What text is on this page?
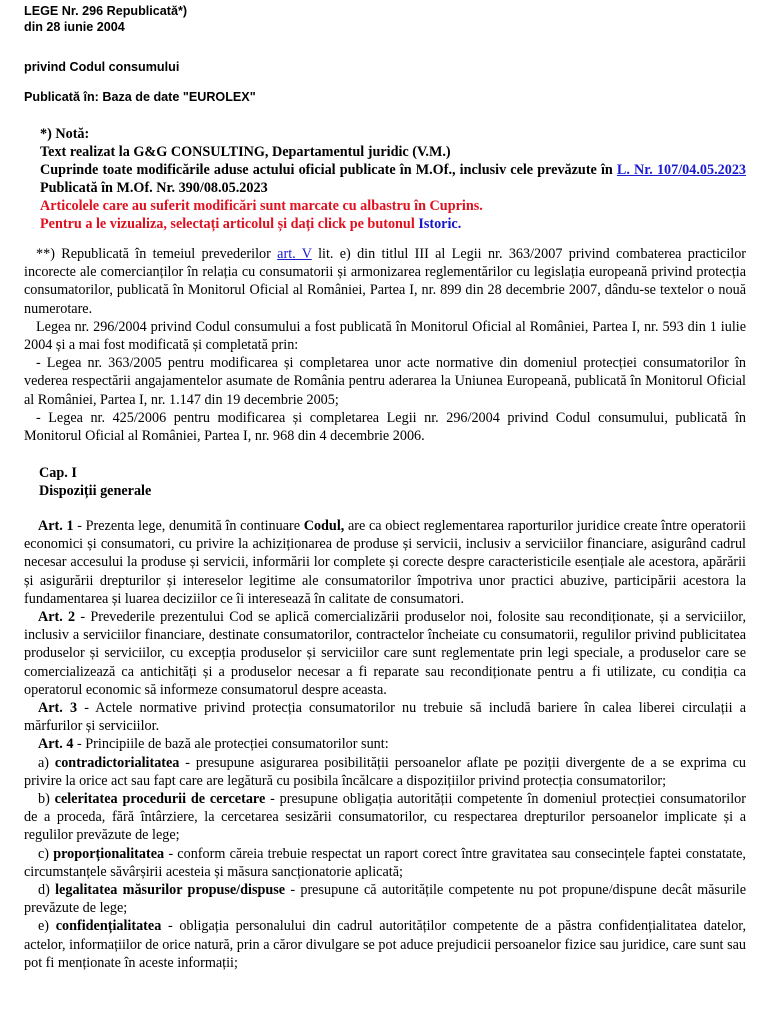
LEGE Nr. 296 Republicată*)
din 28 iunie 2004
privind Codul consumului
Publicată în: Baza de date "EUROLEX"

*) Notă:

Text realizat la G&G CONSULTING, Departamentul juridic (V.M.)

Cuprinde toate modificările aduse actului oficial publicate în M.Of., inclusiv cele prevăzute în L. Nr. 107/04.05.2023 Publicată în M.Of. Nr. 390/08.05.2023

Articolele care au suferit modificări sunt marcate cu albastru în Cuprins.

Pentru a le vizualiza, selectați articolul și dați click pe butonul Istoric.

**) Republicată în temeiul prevederilor art. V lit. e) din titlul III al Legii nr. 363/2007 privind combaterea practicilor incorecte ale comercianților în relația cu consumatorii și armonizarea reglementărilor cu legislația europeană privind protecția consumatorilor, publicată în Monitorul Oficial al României, Partea I, nr. 899 din 28 decembrie 2007, dându-se textelor o nouă numerotare.

Legea nr. 296/2004 privind Codul consumului a fost publicată în Monitorul Oficial al României, Partea I, nr. 593 din 1 iulie 2004 și a mai fost modificată și completată prin:

- Legea nr. 363/2005 pentru modificarea și completarea unor acte normative din domeniul protecției consumatorilor în vederea respectării angajamentelor asumate de România pentru aderarea la Uniunea Europeană, publicată în Monitorul Oficial al României, Partea I, nr. 1.147 din 19 decembrie 2005;

- Legea nr. 425/2006 pentru modificarea și completarea Legii nr. 296/2004 privind Codul consumului, publicată în Monitorul Oficial al României, Partea I, nr. 968 din 4 decembrie 2006.

Cap. I
Dispoziții generale

Art. 1 - Prezenta lege, denumită în continuare Codul, are ca obiect reglementarea raporturilor juridice create între operatorii economici și consumatori, cu privire la achiziționarea de produse și servicii, inclusiv a serviciilor financiare, asigurând cadrul necesar accesului la produse și servicii, informării lor complete și corecte despre caracteristicile esențiale ale acestora, apărării și asigurării drepturilor și intereselor legitime ale consumatorilor împotriva unor practici abuzive, participării acestora la fundamentarea și luarea deciziilor ce îi interesează în calitate de consumatori.

Art. 2 - Prevederile prezentului Cod se aplică comercializării produselor noi, folosite sau recondiționate, și a serviciilor, inclusiv a serviciilor financiare, destinate consumatorilor, contractelor încheiate cu consumatorii, regulilor privind publicitatea produselor și serviciilor, cu excepția produselor și serviciilor care sunt reglementate prin legi speciale, a produselor care se comercializează ca antichități și a produselor necesar a fi reparate sau recondiționate pentru a fi utilizate, cu condiția ca operatorul economic să informeze consumatorul despre aceasta.

Art. 3 - Actele normative privind protecția consumatorilor nu trebuie să includă bariere în calea liberei circulații a mărfurilor și serviciilor.

Art. 4 - Principiile de bază ale protecției consumatorilor sunt:

a) contradictorialitatea - presupune asigurarea posibilității persoanelor aflate pe poziții divergente de a se exprima cu privire la orice act sau fapt care are legătură cu posibila încălcare a dispozițiilor privind protecția consumatorilor;

b) celeritatea procedurii de cercetare - presupune obligația autorității competente în domeniul protecției consumatorilor de a proceda, fără întârziere, la cercetarea sesizării consumatorilor, cu respectarea drepturilor persoanelor implicate și a regulilor prevăzute de lege;

c) proporționalitatea - conform căreia trebuie respectat un raport corect între gravitatea sau consecințele faptei constatate, circumstanțele săvârșirii acesteia și măsura sancționatorie aplicată;

d) legalitatea măsurilor propuse/dispuse - presupune că autoritățile competente nu pot propune/dispune decât măsurile prevăzute de lege;

e) confidențialitatea - obligația personalului din cadrul autorităților competente de a păstra confidențialitatea datelor, actelor, informațiilor de orice natură, prin a căror divulgare se pot aduce prejudicii persoanelor fizice sau juridice, care sunt sau pot fi menționate în aceste informații;
